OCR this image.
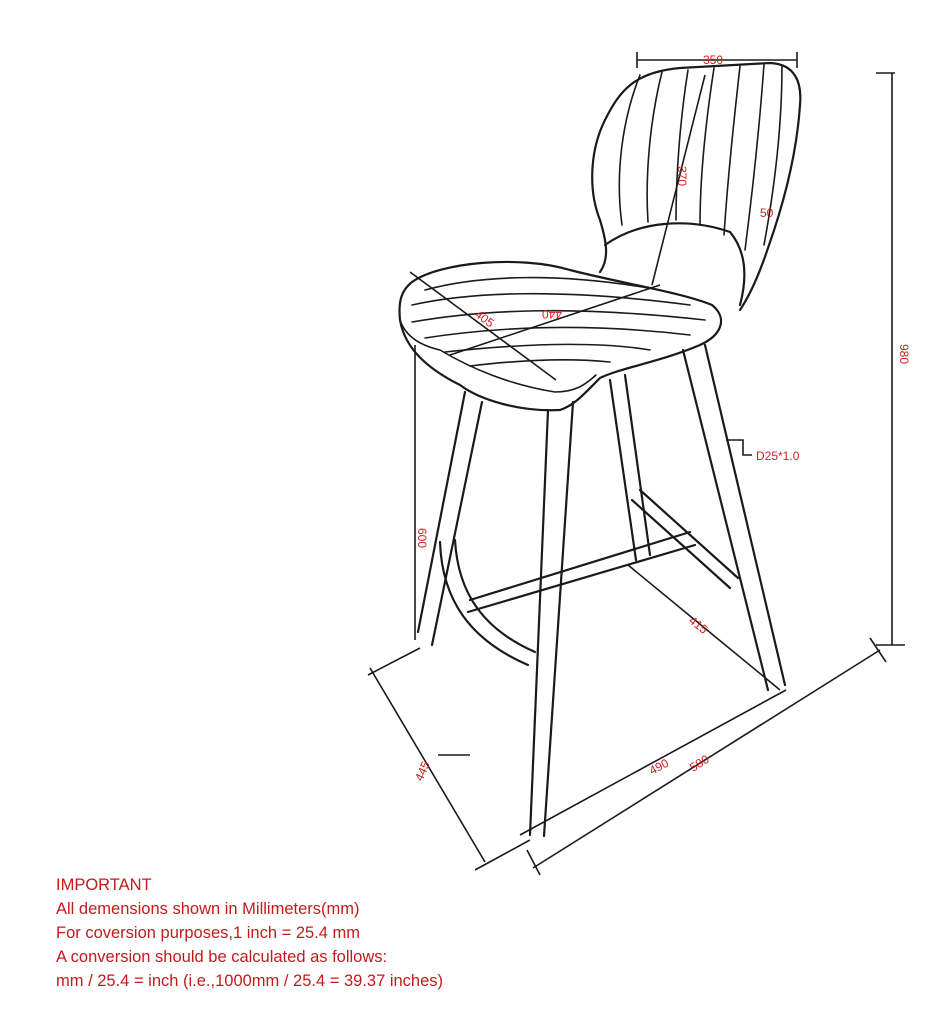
350
370
50
980
405	440
D25*1.0
600
415
445	490 580
IMPORTANT
All demensions shown in Millimeters(mm)
For coversion purposes,1 inch = 25.4 mm
A conversion should be calculated as follows:
mm / 25.4 = inch (i.e.,1000mm / 25.4 = 39.37 inches)
